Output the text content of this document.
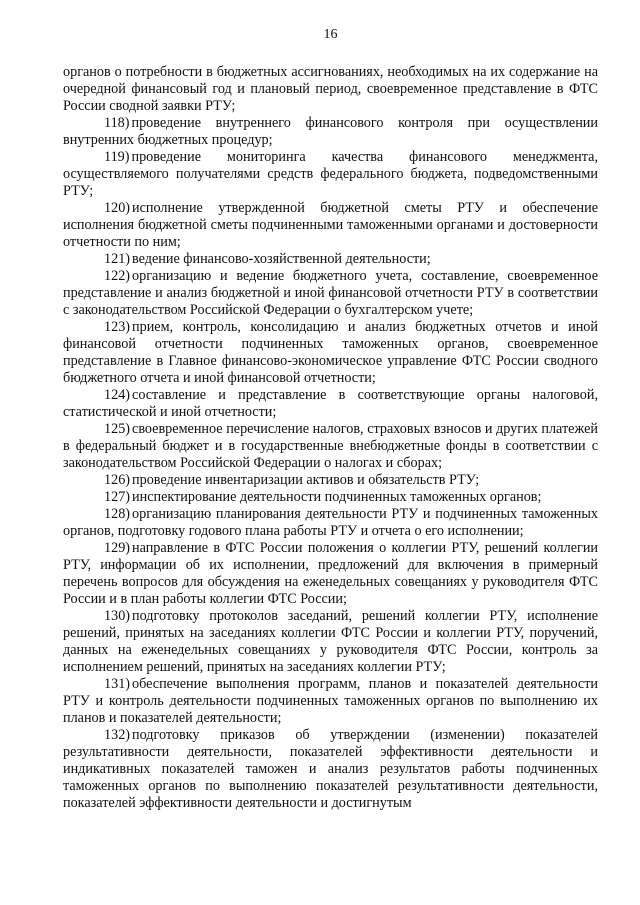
16

органов о потребности в бюджетных ассигнованиях, необходимых на их содержание на очередной финансовый год и плановый период, своевременное представление в ФТС России сводной заявки РТУ;

118) проведение внутреннего финансового контроля при осуществлении внутренних бюджетных процедур;

119) проведение мониторинга качества финансового менеджмента, осуществляемого получателями средств федерального бюджета, подведомственными РТУ;

120) исполнение утвержденной бюджетной сметы РТУ и обеспечение исполнения бюджетной сметы подчиненными таможенными органами и достоверности отчетности по ним;

121) ведение финансово-хозяйственной деятельности;

122) организацию и ведение бюджетного учета, составление, своевременное представление и анализ бюджетной и иной финансовой отчетности РТУ в соответствии с законодательством Российской Федерации о бухгалтерском учете;

123) прием, контроль, консолидацию и анализ бюджетных отчетов и иной финансовой отчетности подчиненных таможенных органов, своевременное представление в Главное финансово-экономическое управление ФТС России сводного бюджетного отчета и иной финансовой отчетности;

124) составление и представление в соответствующие органы налоговой, статистической и иной отчетности;

125) своевременное перечисление налогов, страховых взносов и других платежей в федеральный бюджет и в государственные внебюджетные фонды в соответствии с законодательством Российской Федерации о налогах и сборах;

126) проведение инвентаризации активов и обязательств РТУ;

127) инспектирование деятельности подчиненных таможенных органов;

128) организацию планирования деятельности РТУ и подчиненных таможенных органов, подготовку годового плана работы РТУ и отчета о его исполнении;

129) направление в ФТС России положения о коллегии РТУ, решений коллегии РТУ, информации об их исполнении, предложений для включения в примерный перечень вопросов для обсуждения на еженедельных совещаниях у руководителя ФТС России и в план работы коллегии ФТС России;

130) подготовку протоколов заседаний, решений коллегии РТУ, исполнение решений, принятых на заседаниях коллегии ФТС России и коллегии РТУ, поручений, данных на еженедельных совещаниях у руководителя ФТС России, контроль за исполнением решений, принятых на заседаниях коллегии РТУ;

131) обеспечение выполнения программ, планов и показателей деятельности РТУ и контроль деятельности подчиненных таможенных органов по выполнению их планов и показателей деятельности;

132) подготовку приказов об утверждении (изменении) показателей результативности деятельности, показателей эффективности деятельности и индикативных показателей таможен и анализ результатов работы подчиненных таможенных органов по выполнению показателей результативности деятельности, показателей эффективности деятельности и достигнутым
